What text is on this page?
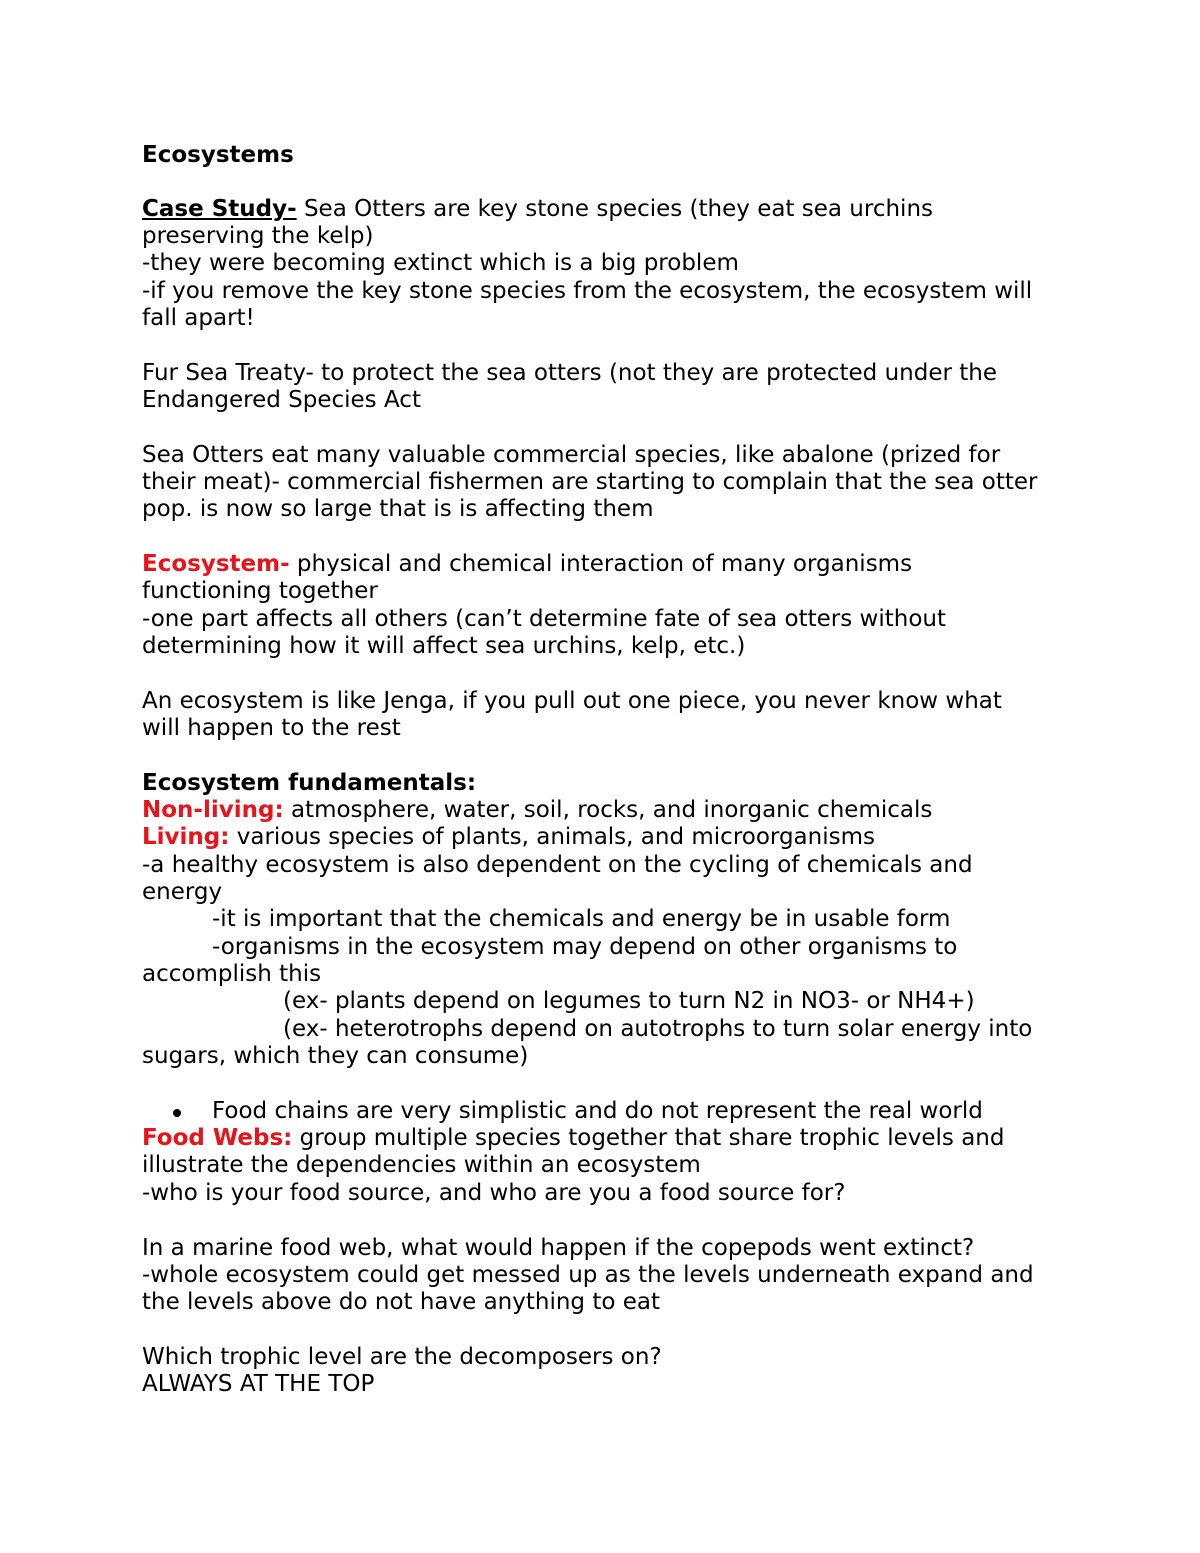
Ecosystems
Case Study- Sea Otters are key stone species (they eat sea urchins
preserving the kelp)
-they were becoming extinct which is a big problem
-if you remove the key stone species from the ecosystem, the ecosystem will
fall apart!
Fur Sea Treaty- to protect the sea otters (not they are protected under the
Endangered Species Act
Sea Otters eat many valuable commercial species, like abalone (prized for
their meat)- commercial fishermen are starting to complain that the sea otter
pop. is now so large that is is affecting them
Ecosystem- physical and chemical interaction of many organisms
functioning together
-one part affects all others (can’t determine fate of sea otters without
determining how it will affect sea urchins, kelp, etc.)
An ecosystem is like Jenga, if you pull out one piece, you never know what
will happen to the rest
Ecosystem fundamentals:
Non-living: atmosphere, water, soil, rocks, and inorganic chemicals
Living: various species of plants, animals, and microorganisms
-a healthy ecosystem is also dependent on the cycling of chemicals and
energy
-it is important that the chemicals and energy be in usable form
-organisms in the ecosystem may depend on other organisms to
accomplish this
(ex- plants depend on legumes to turn N2 in NO3- or NH4+)
(ex- heterotrophs depend on autotrophs to turn solar energy into
sugars, which they can consume)
Food chains are very simplistic and do not represent the real world
Food Webs: group multiple species together that share trophic levels and
illustrate the dependencies within an ecosystem
-who is your food source, and who are you a food source for?
In a marine food web, what would happen if the copepods went extinct?
-whole ecosystem could get messed up as the levels underneath expand and
the levels above do not have anything to eat
Which trophic level are the decomposers on?
ALWAYS AT THE TOP
